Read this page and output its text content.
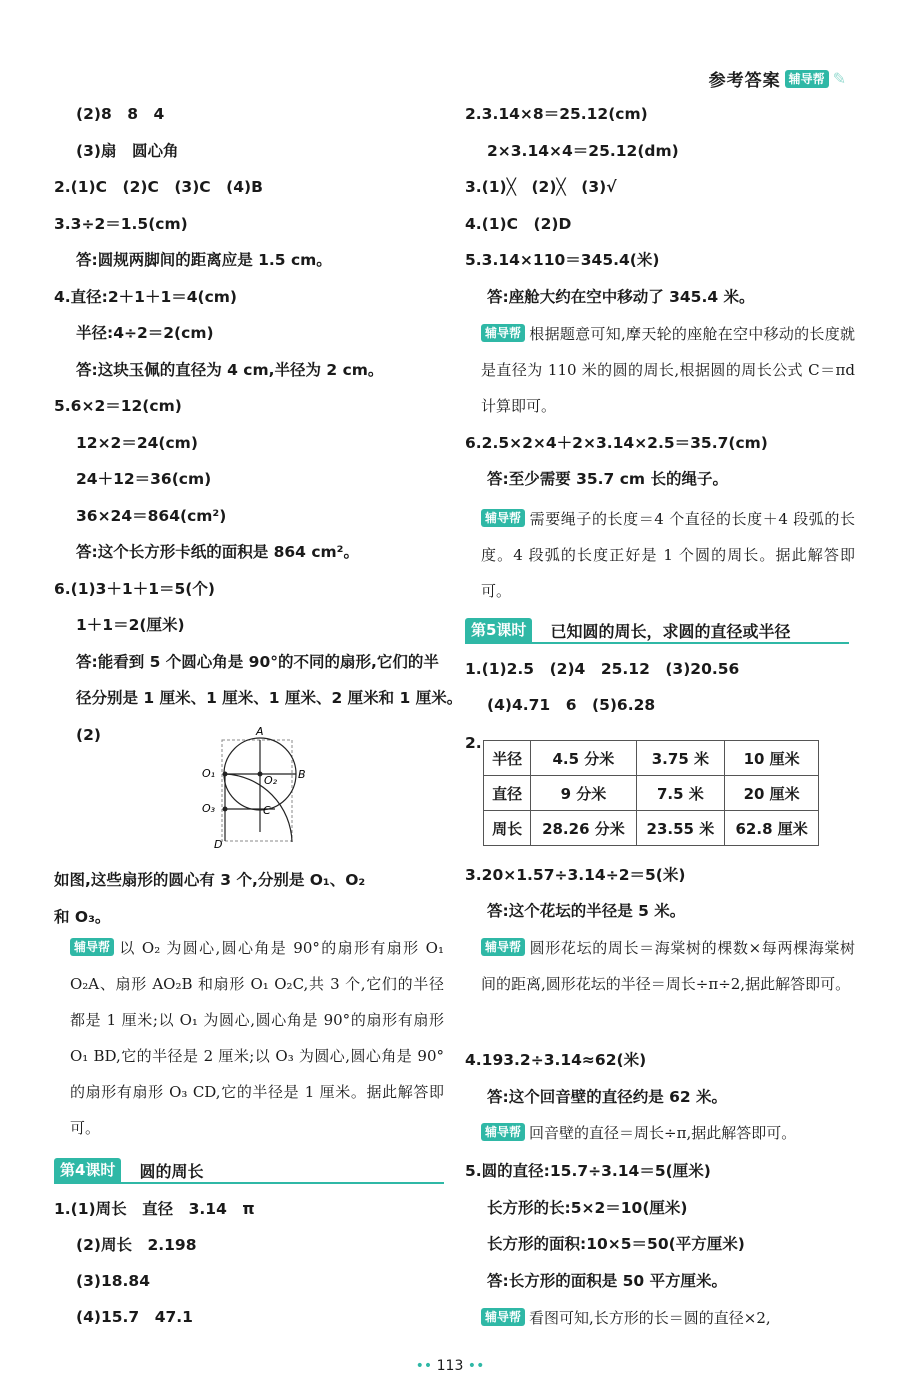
参考答案 辅导帮 ✎
(2)8　8　4
(3)扇　圆心角
2.(1)C　(2)C　(3)C　(4)B
3.3÷2＝1.5(cm)
答:圆规两脚间的距离应是 1.5 cm。
4.直径:2＋1＋1＝4(cm)
半径:4÷2＝2(cm)
答:这块玉佩的直径为 4 cm,半径为 2 cm。
5.6×2＝12(cm)
12×2＝24(cm)
24＋12＝36(cm)
36×24＝864(cm²)
答:这个长方形卡纸的面积是 864 cm²。
6.(1)3＋1＋1＝5(个)
1＋1＝2(厘米)
答:能看到 5 个圆心角是 90°的不同的扇形,它们的半
径分别是 1 厘米、1 厘米、1 厘米、2 厘米和 1 厘米。
(2)	A
B
C
D
O₁
O₂
O₃
如图,这些扇形的圆心有 3 个,分别是 O₁、O₂
和 O₃。
辅导帮 以 O₂ 为圆心,圆心角是 90°的扇形有扇形 O₁ O₂A、扇形 AO₂B 和扇形 O₁ O₂C,共 3 个,它们的半径都是 1 厘米;以 O₁ 为圆心,圆心角是 90°的扇形有扇形 O₁ BD,它的半径是 2 厘米;以 O₃ 为圆心,圆心角是 90°的扇形有扇形 O₃ CD,它的半径是 1 厘米。据此解答即可。
第4课时	圆的周长
1.(1)周长　直径　3.14　π
(2)周长　2.198
(3)18.84
(4)15.7　47.1
2.3.14×8＝25.12(cm)
2×3.14×4＝25.12(dm)
3.(1)╳　(2)╳　(3)√
4.(1)C　(2)D
5.3.14×110＝345.4(米)
答:座舱大约在空中移动了 345.4 米。
辅导帮 根据题意可知,摩天轮的座舱在空中移动的长度就是直径为 110 米的圆的周长,根据圆的周长公式 C＝πd 计算即可。
6.2.5×2×4＋2×3.14×2.5＝35.7(cm)
答:至少需要 35.7 cm 长的绳子。
辅导帮 需要绳子的长度＝4 个直径的长度＋4 段弧的长度。4 段弧的长度正好是 1 个圆的周长。据此解答即可。
第5课时	已知圆的周长，求圆的直径或半径
1.(1)2.5　(2)4　25.12　(3)20.56
(4)4.71　6　(5)6.28
2.
半径	4.5 分米	3.75 米	10 厘米
直径	9 分米	7.5 米	20 厘米
周长	28.26 分米	23.55 米	62.8 厘米
3.20×1.57÷3.14÷2＝5(米)
答:这个花坛的半径是 5 米。
辅导帮 圆形花坛的周长＝海棠树的棵数×每两棵海棠树间的距离,圆形花坛的半径＝周长÷π÷2,据此解答即可。
4.193.2÷3.14≈62(米)
答:这个回音壁的直径约是 62 米。
辅导帮 回音壁的直径＝周长÷π,据此解答即可。
5.圆的直径:15.7÷3.14＝5(厘米)
长方形的长:5×2＝10(厘米)
长方形的面积:10×5＝50(平方厘米)
答:长方形的面积是 50 平方厘米。
辅导帮 看图可知,长方形的长＝圆的直径×2,
•• 113 ••
